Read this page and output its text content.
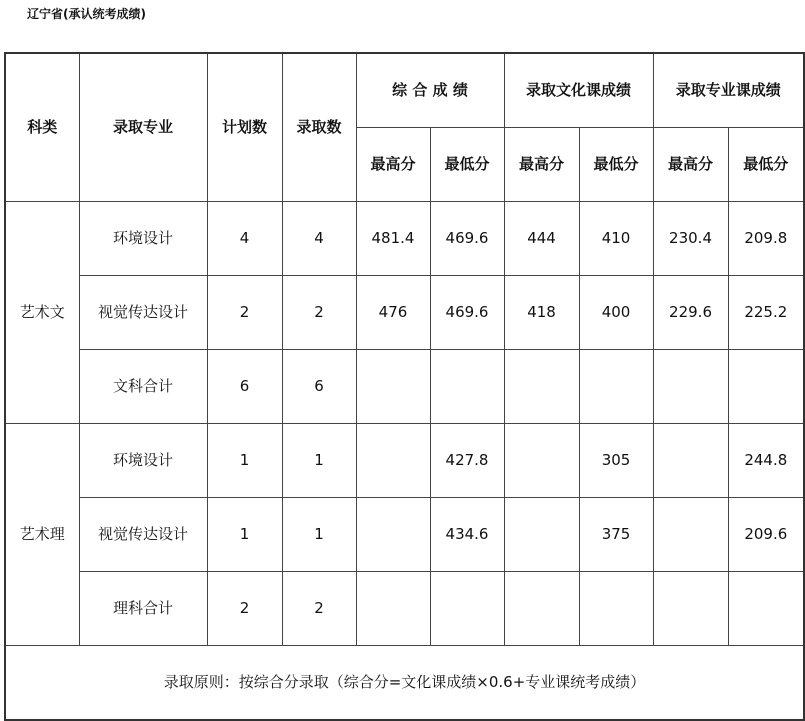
辽宁省(承认统考成绩)
科类	录取专业	计划数	录取数	综 合 成 绩		录取文化课成绩		录取专业课成绩	
				最高分	最低分	最高分	最低分	最高分	最低分
艺术文	环境设计	4	4	481.4	469.6	444	410	230.4	209.8
	视觉传达设计	2	2	476	469.6	418	400	229.6	225.2
	文科合计	6	6						
艺术理	环境设计	1	1		427.8		305		244.8
	视觉传达设计	1	1		434.6		375		209.6
	理科合计	2	2						
录取原则：按综合分录取（综合分=文化课成绩×0.6+专业课统考成绩）									
